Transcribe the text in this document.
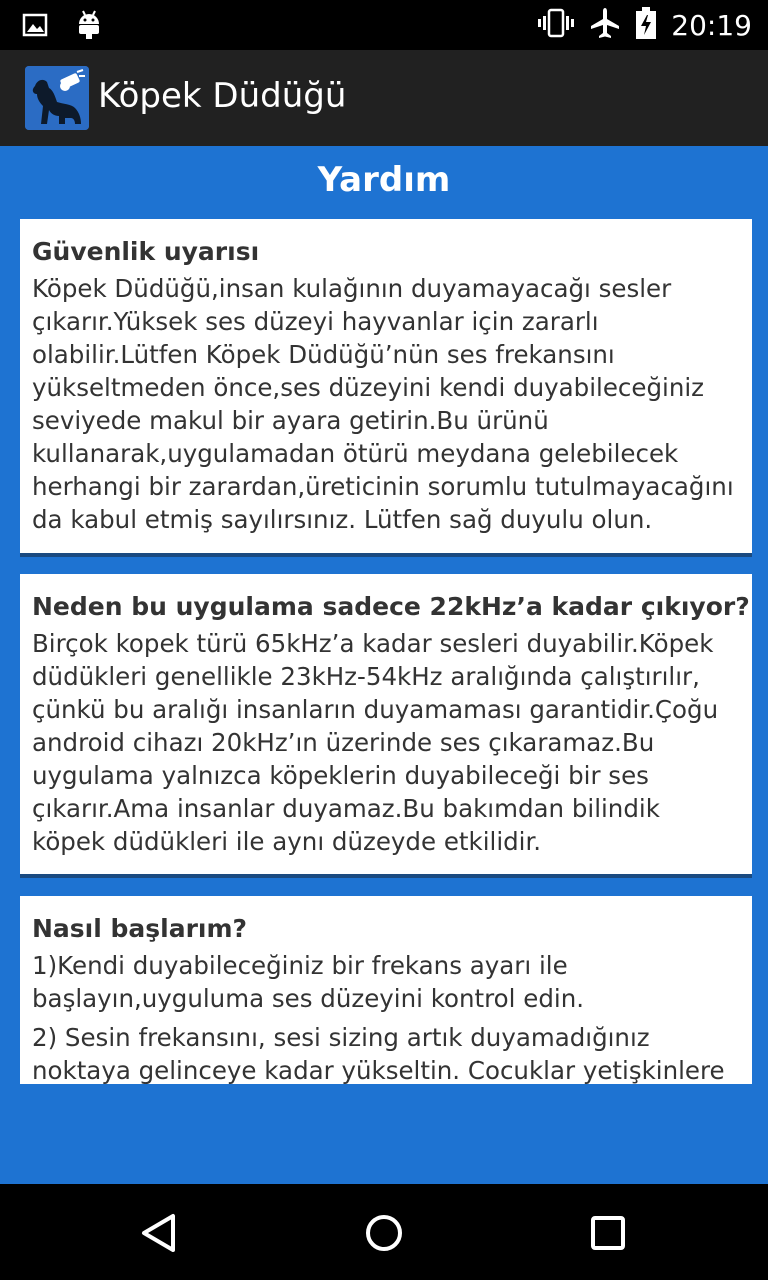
20:19
Köpek Düdüğü
Yardım
Güvenlik uyarısı

Köpek Düdüğü,insan kulağının duyamayacağı sesler çıkarır.Yüksek ses düzeyi hayvanlar için zararlı olabilir.Lütfen Köpek Düdüğü’nün ses frekansını yükseltmeden önce,ses düzeyini kendi duyabileceğiniz seviyede makul bir ayara getirin.Bu ürünü kullanarak,uygulamadan ötürü meydana gelebilecek herhangi bir zarardan,üreticinin sorumlu tutulmayacağını da kabul etmiş sayılırsınız. Lütfen sağ duyulu olun.

Neden bu uygulama sadece 22kHz’a kadar çıkıyor?

Birçok kopek türü 65kHz’a kadar sesleri duyabilir.Köpek düdükleri genellikle 23kHz-54kHz aralığında çalıştırılır, çünkü bu aralığı insanların duyamaması garantidir.Çoğu android cihazı 20kHz’ın üzerinde ses çıkaramaz.Bu uygulama yalnızca köpeklerin duyabileceği bir ses çıkarır.Ama insanlar duyamaz.Bu bakımdan bilindik köpek düdükleri ile aynı düzeyde etkilidir.

Nasıl başlarım?

1)Kendi duyabileceğiniz bir frekans ayarı ile başlayın,uyguluma ses düzeyini kontrol edin.

2) Sesin frekansını, sesi sizing artık duyamadığınız noktaya gelinceye kadar yükseltin. Cocuklar yetişkinlere
